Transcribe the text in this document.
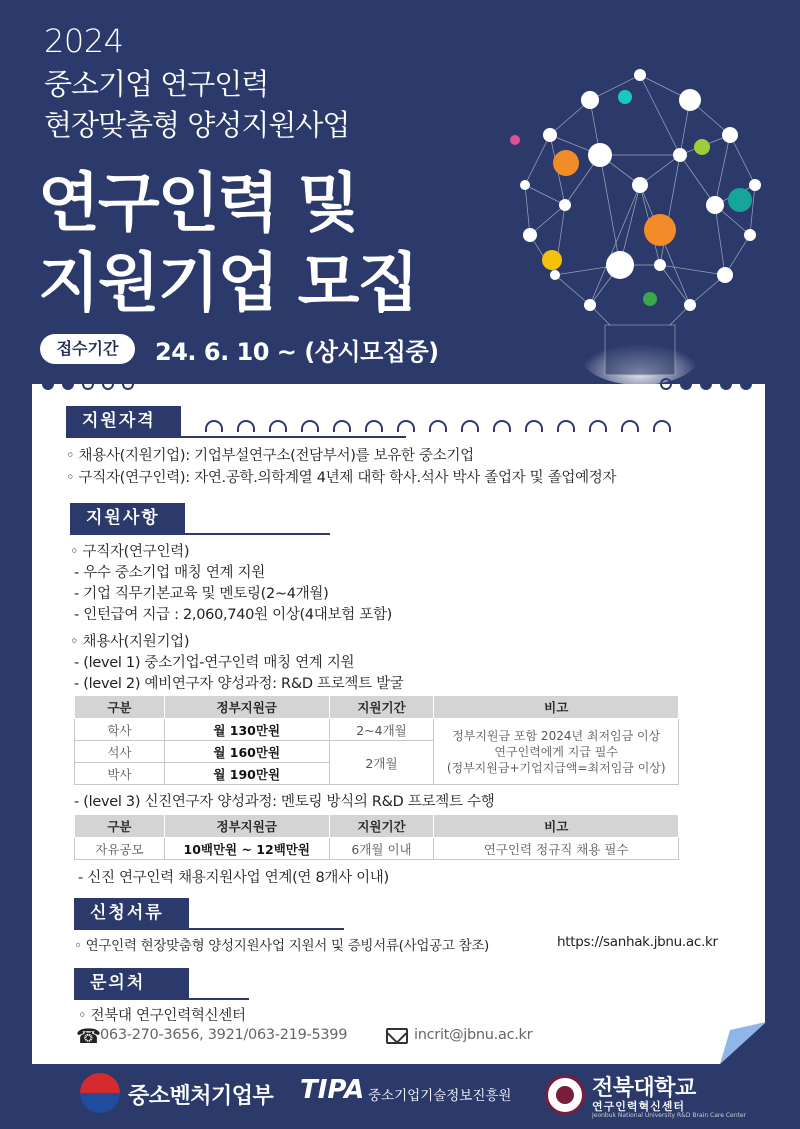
2024
중소기업 연구인력
현장맞춤형 양성지원사업
연구인력 및
지원기업 모집
접수기간	24. 6. 10 ~ (상시모집중)
지원자격
◦ 채용사(지원기업): 기업부설연구소(전담부서)를 보유한 중소기업
◦ 구직자(연구인력): 자연.공학.의학계열 4년제 대학 학사.석사 박사 졸업자 및 졸업예정자
지원사항
◦ 구직자(연구인력)
- 우수 중소기업 매칭 연계 지원
- 기업 직무기본교육 및 멘토링(2~4개월)
- 인턴급여 지급 : 2,060,740원 이상(4대보험 포함)
◦ 채용사(지원기업)
- (level 1) 중소기업-연구인력 매칭 연계 지원
- (level 2) 예비연구자 양성과정: R&D 프로젝트 발굴
구분	정부지원금	지원기간	비고
학사	월 130만원	2~4개월	정부지원금 포함 2024년 최저임금 이상
연구인력에게 지급 필수
(정부지원금+기업지급액=최저임금 이상)

석사	월 160만원	2개월	
박사	월 190만원		
- (level 3) 신진연구자 양성과정: 멘토링 방식의 R&D 프로젝트 수행
구분	정부지원금	지원기간	비고
자유공모	10백만원 ~ 12백만원	6개월 이내	연구인력 정규직 채용 필수
- 신진 연구인력 채용지원사업 연계(연 8개사 이내)
신청서류
◦ 연구인력 현장맞춤형 양성지원사업 지원서 및 증빙서류(사업공고 참조)	https://sanhak.jbnu.ac.kr
문의처
◦ 전북대 연구인력혁신센터
☎ 063-270-3656, 3921/063-219-5399	incrit@jbnu.ac.kr
중소벤처기업부 TIPA 중소기업기술정보진흥원	전북대학교
연구인력혁신센터
Jeonbuk National University R&D Brain Care Center
